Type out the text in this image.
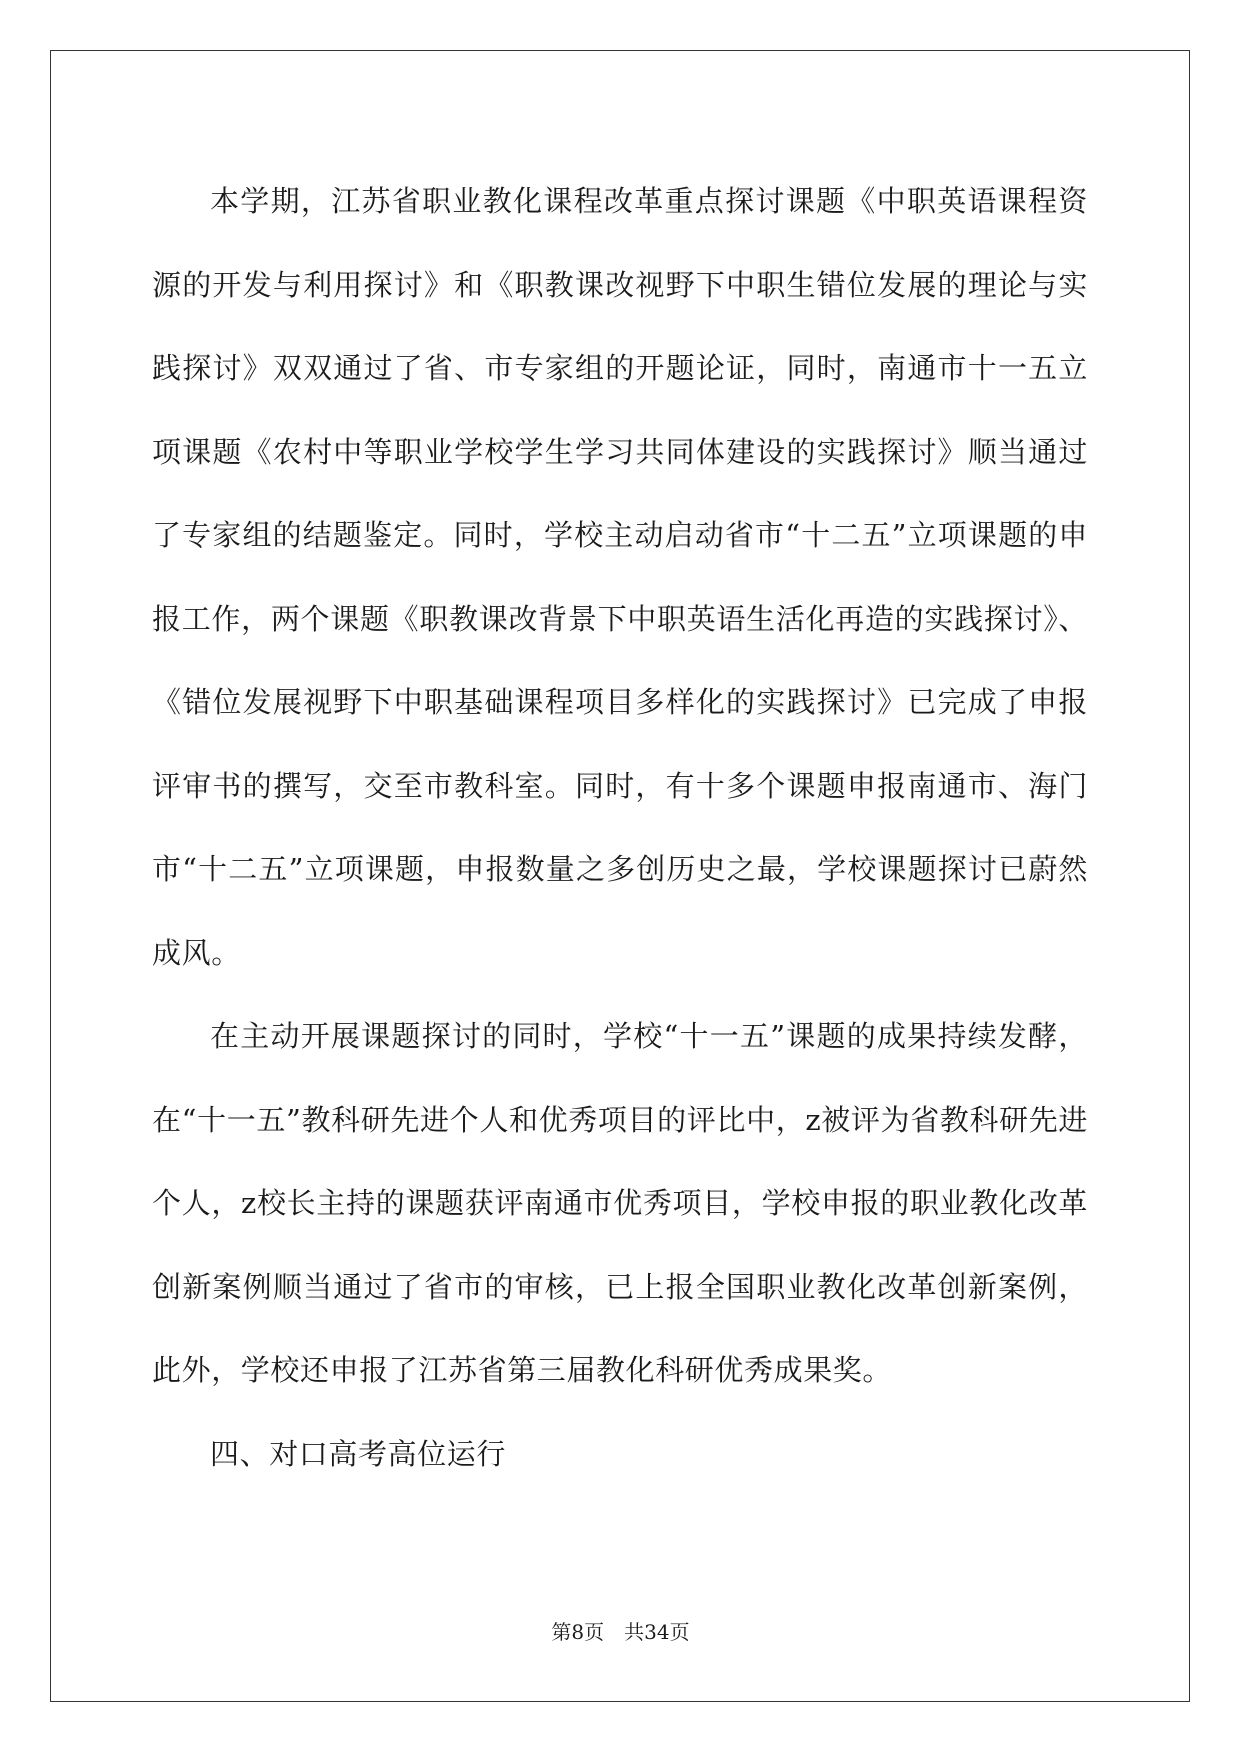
本学期，江苏省职业教化课程改革重点探讨课题《中职英语课程资源的开发与利用探讨》和《职教课改视野下中职生错位发展的理论与实践探讨》双双通过了省、市专家组的开题论证，同时，南通市十一五立项课题《农村中等职业学校学生学习共同体建设的实践探讨》顺当通过了专家组的结题鉴定。同时，学校主动启动省市“十二五”立项课题的申报工作，两个课题《职教课改背景下中职英语生活化再造的实践探讨》、《错位发展视野下中职基础课程项目多样化的实践探讨》已完成了申报评审书的撰写，交至市教科室。同时，有十多个课题申报南通市、海门市“十二五”立项课题，申报数量之多创历史之最，学校课题探讨已蔚然成风。

在主动开展课题探讨的同时，学校“十一五”课题的成果持续发酵，在“十一五”教科研先进个人和优秀项目的评比中，z被评为省教科研先进个人，z校长主持的课题获评南通市优秀项目，学校申报的职业教化改革创新案例顺当通过了省市的审核，已上报全国职业教化改革创新案例，此外，学校还申报了江苏省第三届教化科研优秀成果奖。

四、对口高考高位运行

第8页 共34页
